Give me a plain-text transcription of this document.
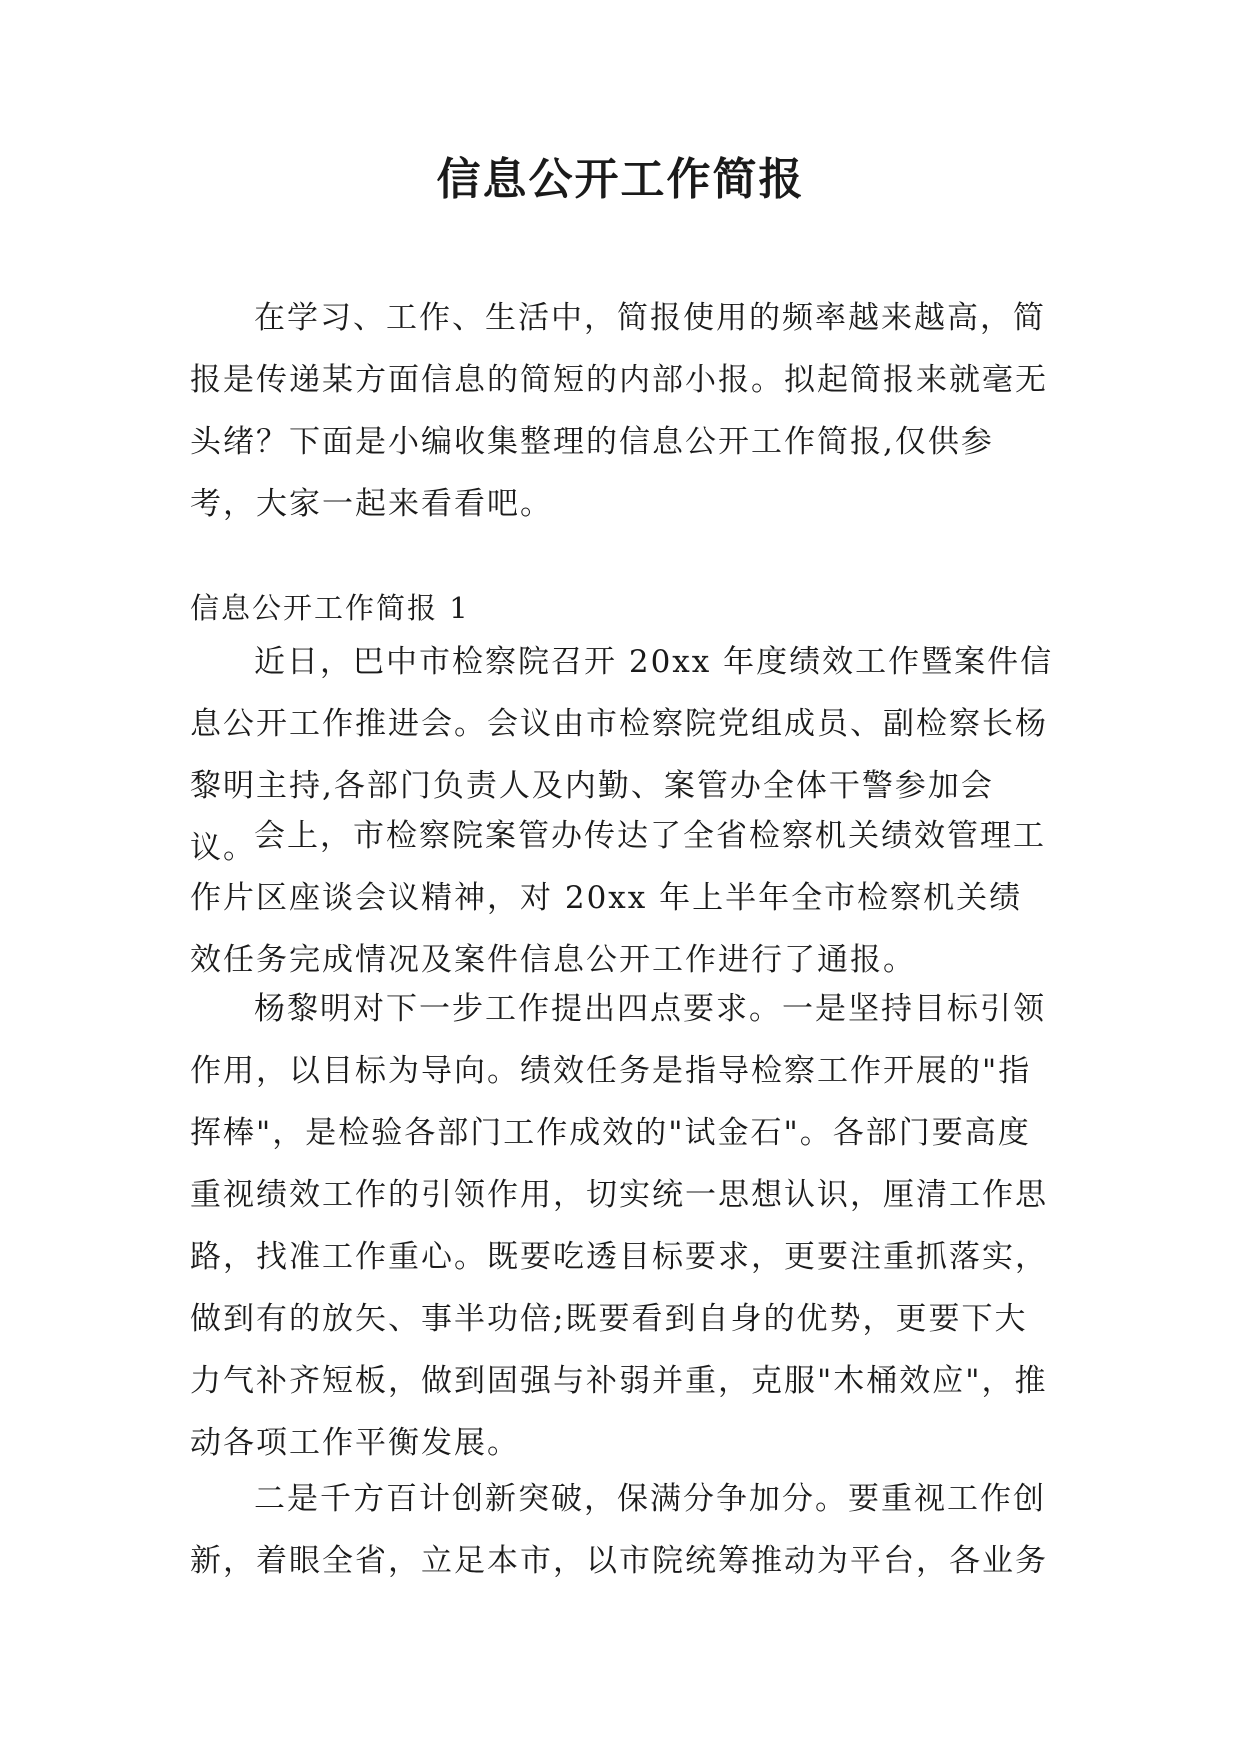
信息公开工作简报

在学习、工作、生活中，简报使用的频率越来越高，简报是传递某方面信息的简短的内部小报。拟起简报来就毫无头绪？下面是小编收集整理的信息公开工作简报,仅供参考，大家一起来看看吧。

信息公开工作简报 1

近日，巴中市检察院召开 20xx 年度绩效工作暨案件信息公开工作推进会。会议由市检察院党组成员、副检察长杨黎明主持,各部门负责人及内勤、案管办全体干警参加会议。

会上，市检察院案管办传达了全省检察机关绩效管理工作片区座谈会议精神，对 20xx 年上半年全市检察机关绩效任务完成情况及案件信息公开工作进行了通报。

杨黎明对下一步工作提出四点要求。一是坚持目标引领作用，以目标为导向。绩效任务是指导检察工作开展的"指挥棒"，是检验各部门工作成效的"试金石"。各部门要高度重视绩效工作的引领作用，切实统一思想认识，厘清工作思路，找准工作重心。既要吃透目标要求，更要注重抓落实，做到有的放矢、事半功倍;既要看到自身的优势，更要下大力气补齐短板，做到固强与补弱并重，克服"木桶效应"，推动各项工作平衡发展。

二是千方百计创新突破，保满分争加分。要重视工作创新，着眼全省，立足本市，以市院统筹推动为平台，各业务
